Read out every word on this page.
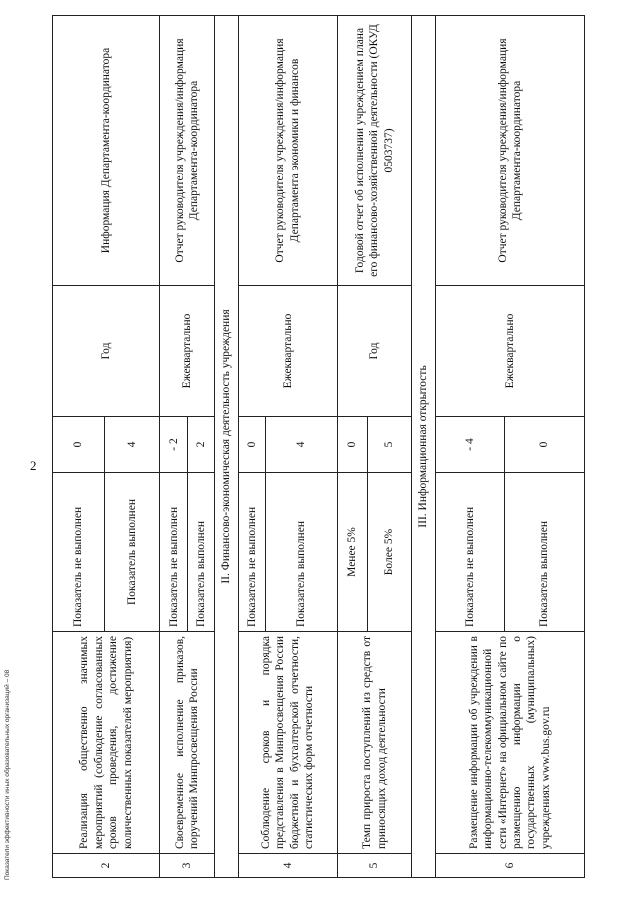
2
Показатели эффективности иных образовательных организаций – 08	2	Реализация общественно значимых мероприятий (соблюдение согласованных сроков проведения, достижение количественных показателей мероприятия)	Показатель не выполнен	0	Год	Информация Департамента-координатора
		Показатель выполнен	4		
3	Своевременное исполнение приказов, поручений Минпросвещения России	Показатель не выполнен	- 2	Ежеквартально	Отчет руководителя учреждения/информация Департамента-координатора
		Показатель выполнен	2		
II. Финансово-экономическая деятельность учреждения					
4	Соблюдение сроков и порядка представления в Минпросвещения России бюджетной и бухгалтерской отчетности, статистических форм отчетности	Показатель не выполнен	0	Ежеквартально	Отчет руководителя учреждения/информация Департамента экономики и финансов
		Показатель выполнен	4		
5	Темп прироста поступлений из средств от приносящих доход деятельности	Менее 5%	0	Год	Годовой отчет об исполнении учреждением плана его финансово-хозяйственной деятельности (ОКУД 0503737)
		Более 5%	5		
III. Информационная открытость					
6	Размещение информации об учреждении в информационно-телекоммуникационной сети «Интернет» на официальном сайте по размещению информации о государственных (муниципальных) учреждениях www.bus.gov.ru	Показатель не выполнен	- 4	Ежеквартально	Отчет руководителя учреждения/информация Департамента-координатора
		Показатель выполнен	0		
